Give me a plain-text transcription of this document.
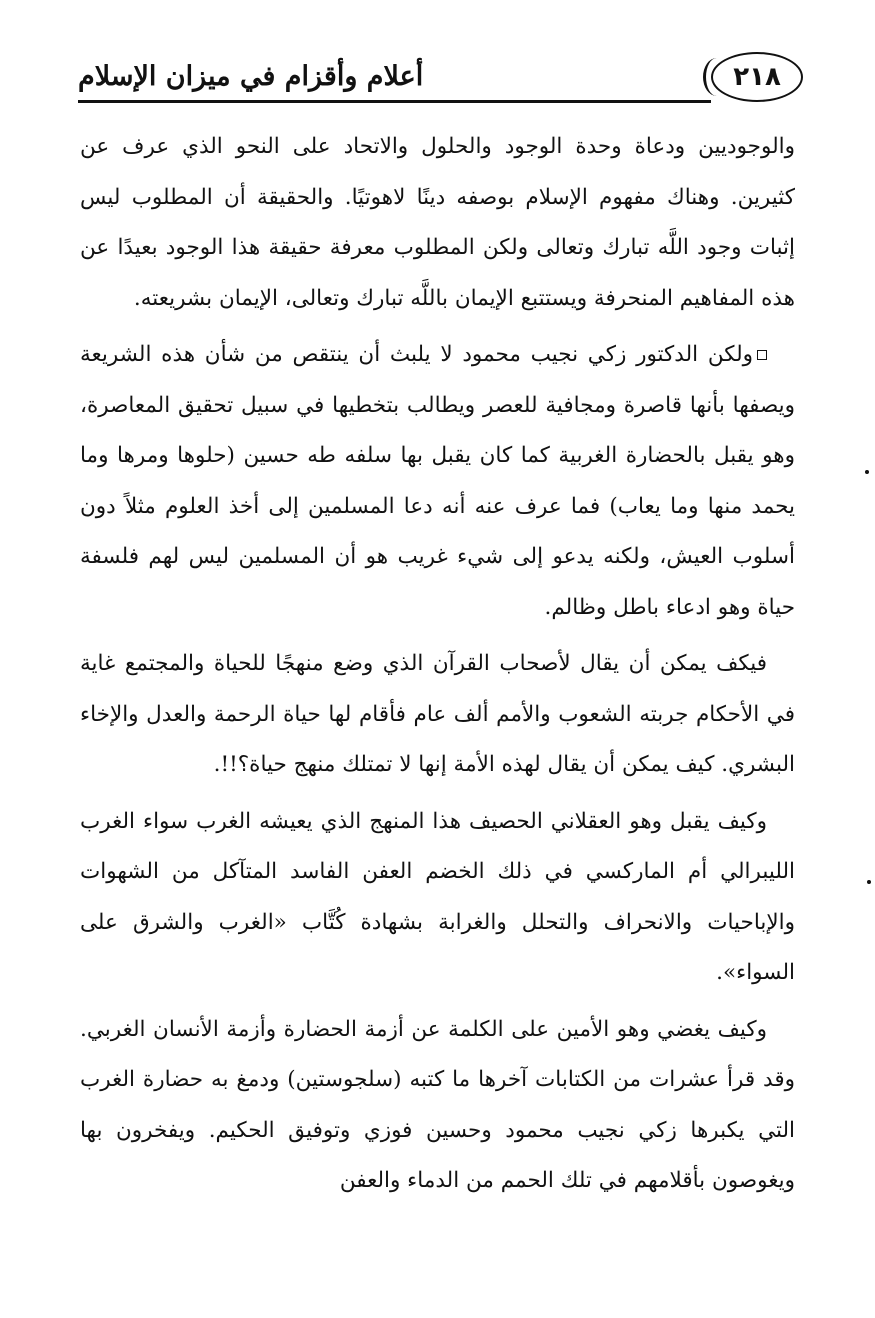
٢١٨
أعلام وأقزام في ميزان الإسلام

والوجوديين ودعاة وحدة الوجود والحلول والاتحاد على النحو الذي عرف عن كثيرين. وهناك مفهوم الإسلام بوصفه دينًا لاهوتيًا. والحقيقة أن المطلوب ليس إثبات وجود اللَّه تبارك وتعالى ولكن المطلوب معرفة حقيقة هذا الوجود بعيدًا عن هذه المفاهيم المنحرفة ويستتبع الإيمان باللَّه تبارك وتعالى، الإيمان بشريعته.

ولكن الدكتور زكي نجيب محمود لا يلبث أن ينتقص من شأن هذه الشريعة ويصفها بأنها قاصرة ومجافية للعصر ويطالب بتخطيها في سبيل تحقيق المعاصرة، وهو يقبل بالحضارة الغربية كما كان يقبل بها سلفه طه حسين (حلوها ومرها وما يحمد منها وما يعاب) فما عرف عنه أنه دعا المسلمين إلى أخذ العلوم مثلاً دون أسلوب العيش، ولكنه يدعو إلى شيء غريب هو أن المسلمين ليس لهم فلسفة حياة وهو ادعاء باطل وظالم.

فيكف يمكن أن يقال لأصحاب القرآن الذي وضع منهجًا للحياة والمجتمع غاية في الأحكام جربته الشعوب والأمم ألف عام فأقام لها حياة الرحمة والعدل والإخاء البشري. كيف يمكن أن يقال لهذه الأمة إنها لا تمتلك منهج حياة؟!!.

وكيف يقبل وهو العقلاني الحصيف هذا المنهج الذي يعيشه الغرب سواء الغرب الليبرالي أم الماركسي في ذلك الخضم العفن الفاسد المتآكل من الشهوات والإباحيات والانحراف والتحلل والغرابة بشهادة كُتَّاب «الغرب والشرق على السواء».

وكيف يغضي وهو الأمين على الكلمة عن أزمة الحضارة وأزمة الأنسان الغربي. وقد قرأ عشرات من الكتابات آخرها ما كتبه (سلجوستين) ودمغ به حضارة الغرب التي يكبرها زكي نجيب محمود وحسين فوزي وتوفيق الحكيم. ويفخرون بها ويغوصون بأقلامهم في تلك الحمم من الدماء والعفن
